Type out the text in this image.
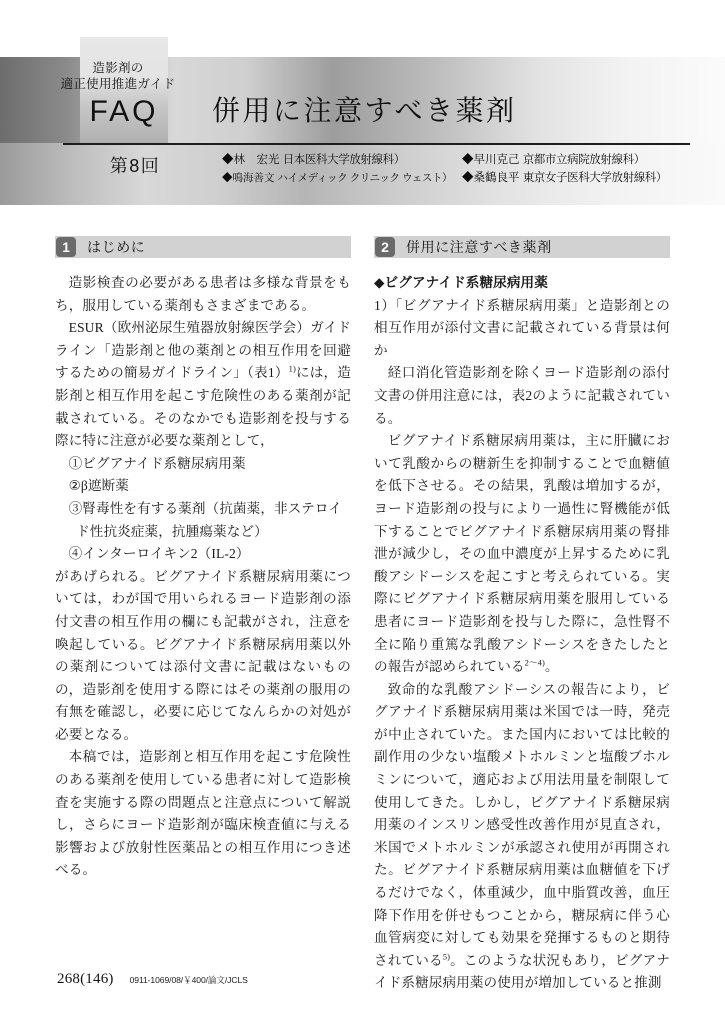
造影剤の
適正使用推進ガイド
FAQ	併用に注意すべき薬剤
第8回	◆林　宏光 日本医科大学放射線科）	◆早川克己 京都市立病院放射線科）
◆鳴海善文 ハイメディック クリニック ウェスト） ◆桑鶴良平 東京女子医科大学放射線科）
1	はじめに

造影検査の必要がある患者は多様な背景をもち，服用している薬剤もさまざまである。

ESUR（欧州泌尿生殖器放射線医学会）ガイドライン「造影剤と他の薬剤との相互作用を回避するための簡易ガイドライン」（表1）$^{1)}$には，造影剤と相互作用を起こす危険性のある薬剤が記載されている。そのなかでも造影剤を投与する際に特に注意が必要な薬剤として，

①ビグアナイド系糖尿病用薬
②β遮断薬
③腎毒性を有する薬剤（抗菌薬，非ステロイド性抗炎症薬，抗腫瘍薬など）
④インターロイキン2（IL-2）

があげられる。ビグアナイド系糖尿病用薬については，わが国で用いられるヨード造影剤の添付文書の相互作用の欄にも記載がされ，注意を喚起している。ビグアナイド系糖尿病用薬以外の薬剤については添付文書に記載はないものの，造影剤を使用する際にはその薬剤の服用の有無を確認し，必要に応じてなんらかの対処が必要となる。

本稿では，造影剤と相互作用を起こす危険性のある薬剤を使用している患者に対して造影検査を実施する際の問題点と注意点について解説し，さらにヨード造影剤が臨床検査値に与える影響および放射性医薬品との相互作用につき述べる。

2	併用に注意すべき薬剤

◆ビグアナイド系糖尿病用薬

1）「ビグアナイド系糖尿病用薬」と造影剤との相互作用が添付文書に記載されている背景は何か

経口消化管造影剤を除くヨード造影剤の添付文書の併用注意には，表2のように記載されている。

ビグアナイド系糖尿病用薬は，主に肝臓において乳酸からの糖新生を抑制することで血糖値を低下させる。その結果，乳酸は増加するが，ヨード造影剤の投与により一過性に腎機能が低下することでビグアナイド系糖尿病用薬の腎排泄が減少し，その血中濃度が上昇するために乳酸アシドーシスを起こすと考えられている。実際にビグアナイド系糖尿病用薬を服用している患者にヨード造影剤を投与した際に，急性腎不全に陥り重篤な乳酸アシドーシスをきたしたとの報告が認められている$^{2〜4)}$。

致命的な乳酸アシドーシスの報告により，ビグアナイド系糖尿病用薬は米国では一時，発売が中止されていた。また国内においては比較的副作用の少ない塩酸メトホルミンと塩酸ブホルミンについて，適応および用法用量を制限して使用してきた。しかし，ビグアナイド系糖尿病用薬のインスリン感受性改善作用が見直され，米国でメトホルミンが承認され使用が再開された。ビグアナイド系糖尿病用薬は血糖値を下げるだけでなく，体重減少，血中脂質改善，血圧降下作用を併せもつことから，糖尿病に伴う心血管病変に対しても効果を発揮するものと期待されている$^{5)}$。このような状況もあり，ビグアナイド系糖尿病用薬の使用が増加していると推測

268(146) 0911-1069/08/￥400/論文/JCLS
